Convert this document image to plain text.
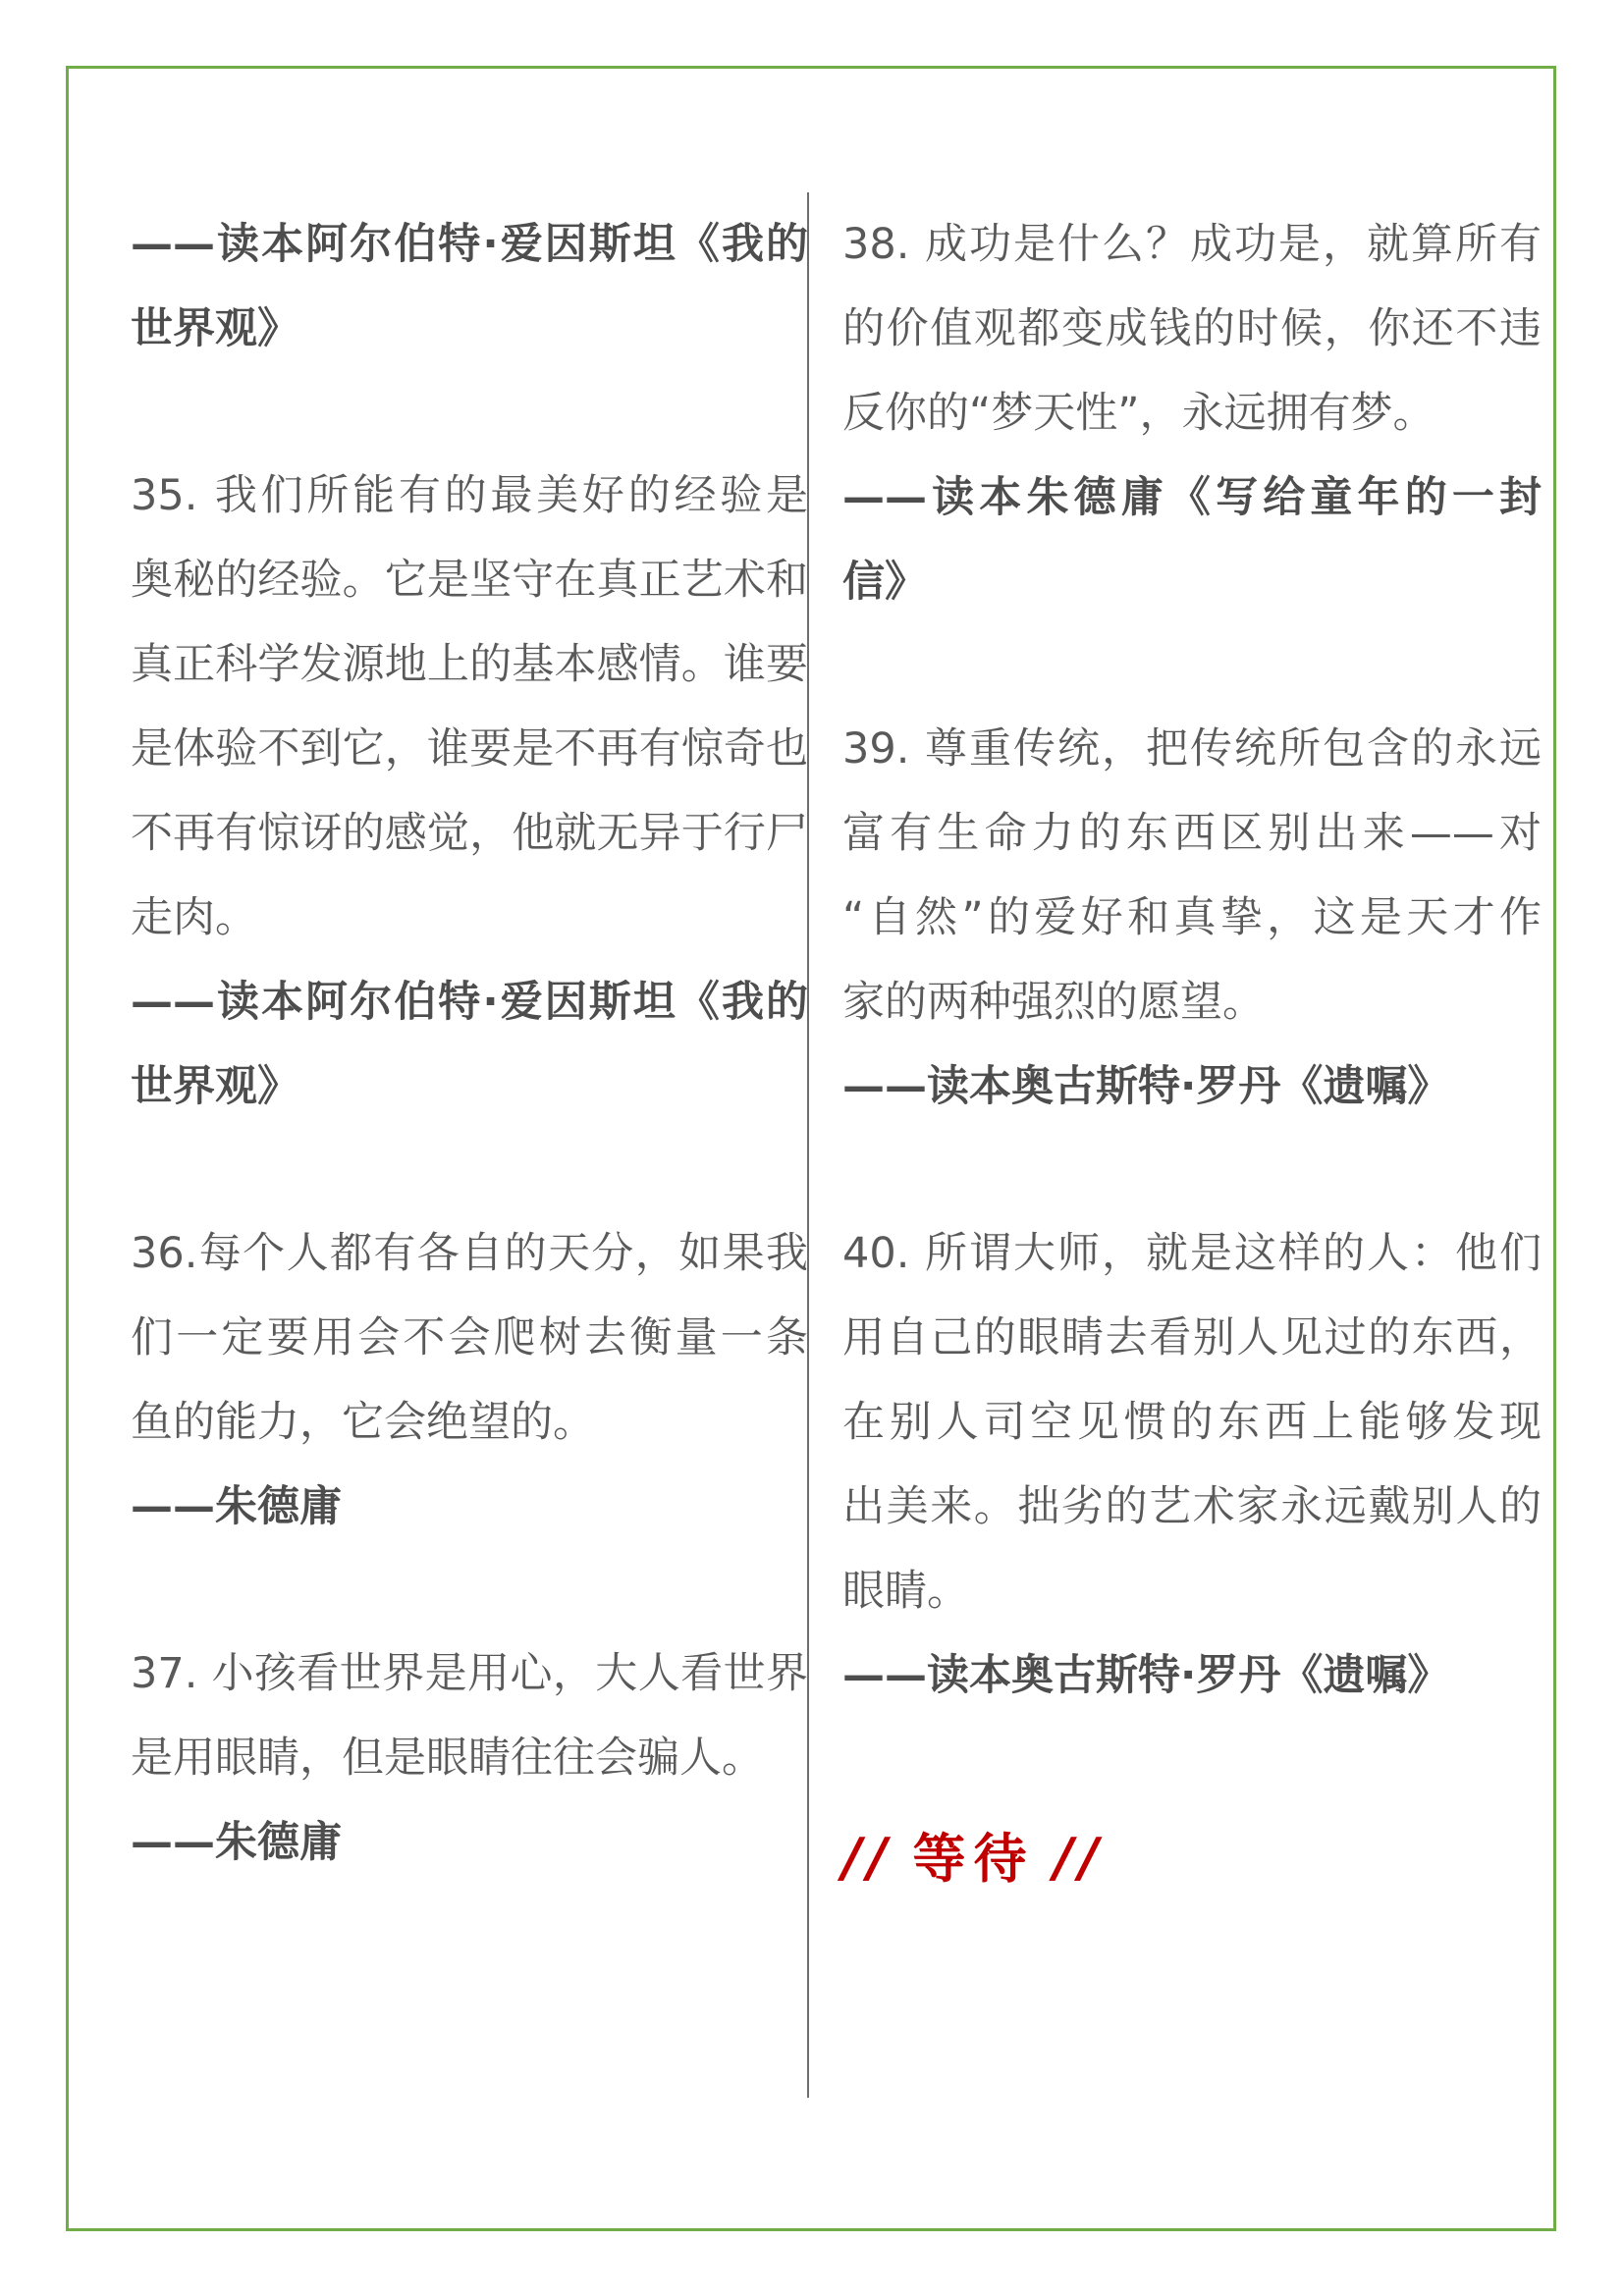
——读本阿尔伯特·爱因斯坦《我的
世界观》
35. 我们所能有的最美好的经验是
奥秘的经验。它是坚守在真正艺术和
真正科学发源地上的基本感情。谁要
是体验不到它，谁要是不再有惊奇也
不再有惊讶的感觉，他就无异于行尸
走肉。
——读本阿尔伯特·爱因斯坦《我的
世界观》
36.每个人都有各自的天分，如果我
们一定要用会不会爬树去衡量一条
鱼的能力，它会绝望的。
——朱德庸
37. 小孩看世界是用心，大人看世界
是用眼睛，但是眼睛往往会骗人。
——朱德庸
38. 成功是什么？成功是，就算所有
的价值观都变成钱的时候，你还不违
反你的“梦天性”，永远拥有梦。
——读本朱德庸《写给童年的一封
信》
39. 尊重传统，把传统所包含的永远
富有生命力的东西区别出来——对
“自然”的爱好和真挚，这是天才作
家的两种强烈的愿望。
——读本奥古斯特·罗丹《遗嘱》
40. 所谓大师，就是这样的人：他们
用自己的眼睛去看别人见过的东西，
在别人司空见惯的东西上能够发现
出美来。拙劣的艺术家永远戴别人的
眼睛。
——读本奥古斯特·罗丹《遗嘱》
// 等待 //
